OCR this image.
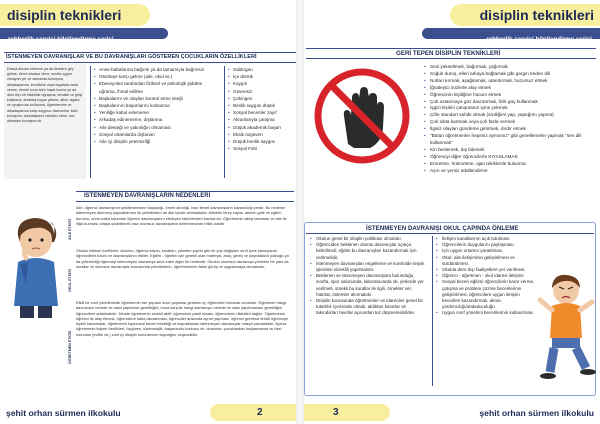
disiplin teknikleri
rehberlik servisi bilgilendirme serisi
İSTENMEYEN DAVRANIŞLAR VE BU DAVRANIŞLARI GÖSTEREN ÇOCUKLARIN ÖZELLİKLERİ

Dessa devam etmeme ya da derslere geç gelme, dersi rahatsız etme, sınıfta uygun olmayan yer ve zamanda konuşma, arkadaşlarına, kendisine veya eşyalara zarar verme, derste uzun süre hayal kurma ya da ders dışı bir etkinlikle uğraşma, tematik ve girişi kullanma, arkadaş kopya çekme, alkol, sigara ve uyuşturucu kullanma, öğretmenine ve arkadaşlarına karşı saygısız davranma, kötü konuşma, arkadaşlarını rahatsız etme, söz almadan konuşma vb.

• Anne-babalarına bağımlı ya da tamamıyla bağımsız
• Otoriteye karşı gelme (aile, okul vs.)
• Ebeveynleri tarafından fiziksel ve psikolojik şiddete uğrama, ihmal edilme
• Başkalarını ve olayları kontrol etme isteği
• Başkalarının başarılarını kıskanma
• Yeniliğe kabul edememe
• Arkadaş edinememe, dışlanma
• Aile desteği ve yakınlığın olmaması
• Sosyal ortamlarda dışlanan
• Aile içi disiplin yetersizliği
• Saldırgan
• İçe dönük
• Kaygılı
• Güvensiz
• Çekingen
• Benlik saygısı düşük
• Sosyal beceriler zayıf
• Akranlarıyla çatışma
• Düşük akademik başarı
• Eksik özgüven
• Düşük benlik saygısı
• Sosyal Fobi
İSTENMEYEN DAVRANIŞLARIN NEDENLERİ
AİLE ETKİSİ

Aile, öğrenci davranışının şekillenmesine başladığı, örnek alındığı, bazı temel davranışların kazanıldığı yerdir. Bu nedenle istenmeyen davranış kaynaklarının ilk çekirdekleri de aile içinde atılmaktadır. Aliedeki birey sayısı, ailenin gelir ve eğitim durumu, anne-baba tutumları öğrenci davranışlarını etkileyen faktörlerden bazılarıdır. Öğretmenin aileyi tanıması ve aile ile ilişki kurması ortaya çıkabilecek bazı olumsuz davranışların önlenmesinde etkili olabilir.

OKUL ETKİSİ

Okulun fiziksel özellikleri; durumu, öğrenci sayısı, kuralları, yönetim yapısı gibi bir çok değişken sınıf içine yansıyarak, öğrencilerin tutum ve davranışlarını etkiler. Eğitim - öğretim için gerekli olan materyal, araç, gereç ve kaynakların yokluğu ya da yetersizliği öğrenciyi istenmeyen davranışa sevk eden diğer bir nedendir. Okulun olumsuz davranışa yönelten bir yanı da kurallar ve olumsuz davranışlar konusunda yöneticilerin, öğretmenlerin farklı görüş ve uygulamaya olmalarıdır.

ÖĞRETMEN ETKİSİ

Etkili bir sınıf yönetiminde öğretmenin her yapılan önce yapması gereken iş; öğrencileri tanımak olmalıdır. Öğretmen hangi davranışın nerede ve nasıl yapılması gerektiğini, buna karşılık hangi davranışın nerede ve nasıl yapılmaması gerektiğini öğrencilere anlatmalıdır. Derste öğretmenin sürekli aktif, öğrencinin pasif olması, öğrencilerin dikkatini dağıtır. Öğretmenin öğrenci ile alay etmesi, öğrencilere kaba davranması, öğrenciler arasında ayrım yapması, öğrenci gereksiz tehdit öğrenciye tepkili kararmalar, öğretmenin toplumsal beceri eksikliği ve kaynaklanan istenmeyen davranışlar ortaya çıkmaktadır. Ayrıca öğretmenin kişisel özellikleri, özgüven, tükenmişlik, başarısızlık korkusu vb. durumlar, çocuklardan hoşlanmama ve özel sorunları (evlilik vb.) sınıf içi disiplin sorunlarının kaynağını oluşturabilir.

şehit orhan sürmen ilkokulu	2
disiplin teknikleri
rehberlik servisi bilgilendirme serisi
GERİ TEPEN DİSİPLİN TEKNİKLERİ
• Sesi yükseltmek, bağırmak, çağırmak
• Soğuk duruş, elleri arkaya bağlamak gibi gergin beden dili
• Notları kırmak, aşağılamak, utandırmak, huzursuz etmek
• İğnaleyici sözlerle alay etmek
• Öğrencinin kişiliğine hücum etmek
• Çok ustanmaya göz davranmak, fizik güç kullanmak
• İşgizi kişileri çatışmanın içine çekmek
• Çifte standart sahibi olmak (sizdiğimi yap, yaptığımı yapma)
• Çok sıkta kartmak veya çok fazla vermek
• İlgisiz olayları gündeme getirmek, dırdır etmek
• "Bütün öğretmenler hepimiz aynısınız" gibi genellemeler yapmak "sen dili kullanmak"
• Kin beslemek, dış bilemek
• Öğrenciyi diğer öğrencilerle KIYASLAMAK
• Emretme, hükmetme, ajan tekiklerde bulunma
• Aşırı ve yersiz ödüllendirme
İSTENMEYEN DAVRANIŞI OKUL ÇAPINDA ÖNLEME
• Okulun genel bir disiplin politikası olmalıdır.
• Öğrenciden beklenen olumlu davranışlar açıkça belirtilmeli; eğitim bu davranışları kazandırmak için verilmelidir.
• İstenmeyen davranışları engelleme ve kontrolde teşvik işlemleri süreklili yapılmalıdır.
• Beklenen ve istenmeyen davranışlara bulunduğu, sınıfta, spor salonunda, laboratuvarda vb. yerlerde yer verilmeli, sürekli bu kurallar ile ilgili, örnekler ver, hatırlat, önlemler alınmalıdır.
• Disiplin konusunda öğretmenler ve idareciler genel bir tutarlılık içerisinde olmalı, aldıkları kararlar ve takındıkları tavırlar açısından tez düşmemelidirler.
• İletişim kanallarının açık tutulması.
• Öğrencilerin duygularını paylaşması
• İçin uygun ortamın yaratılması.
• Okul- aile iletişiminin geliştirilmesi ve sürdürülmesi.
• Okulda ders dışı faaliyetlere yer verilmesi.
• Öğrenci - öğretmen - okul idaresi iletişimi
• Sosyal beceri eğitimi öğrencilerin karar verme, çatışma ve problem çözme becerilerinin geliştirilmesi, öğrencilere uygun iletişim becerileri kazandırmak, akran yardımcılığı/arabuluculuğu
• Uygun sınıf yönetimi becerilerinin kullanılması
3	şehit orhan sürmen ilkokulu
